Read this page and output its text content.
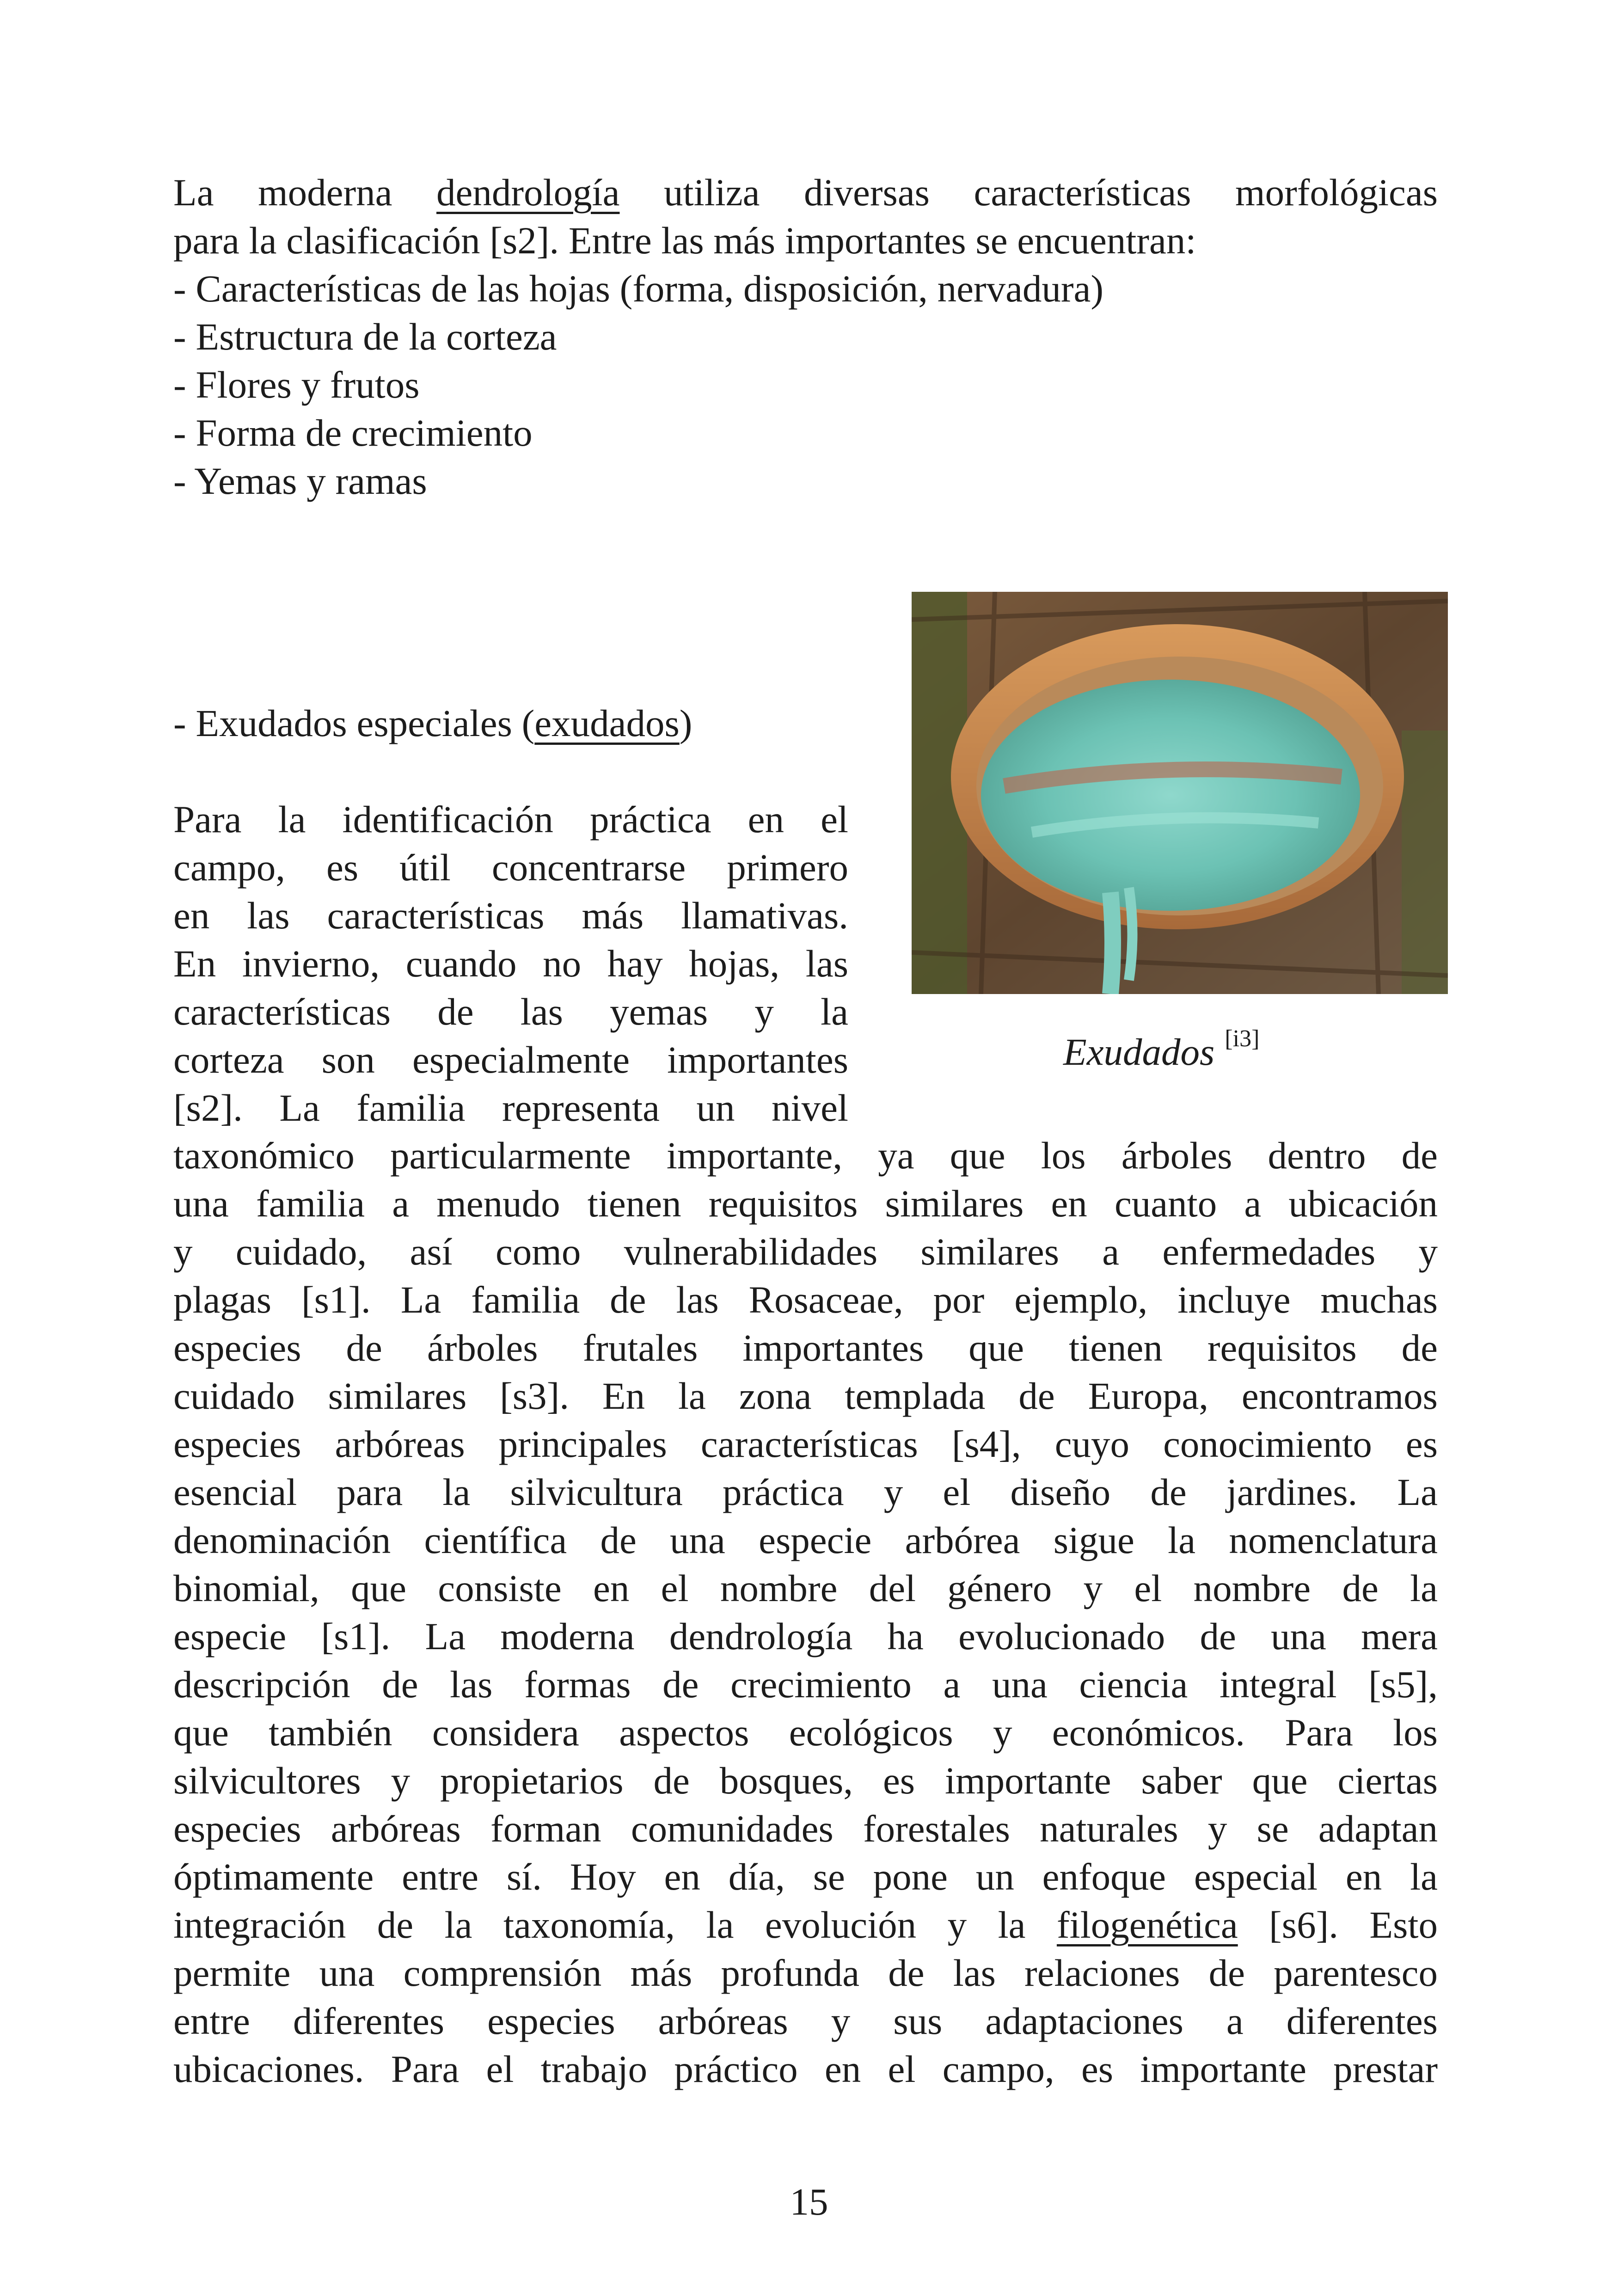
La moderna dendrología utiliza diversas características morfológicas
para la clasificación [s2]. Entre las más importantes se encuentran:
- Características de las hojas (forma, disposición, nervadura)
- Estructura de la corteza
- Flores y frutos
- Forma de crecimiento
- Yemas y ramas
- Exudados especiales (exudados)
Exudados [i3]
Para la identificación práctica en el
campo, es útil concentrarse primero
en las características más llamativas.
En invierno, cuando no hay hojas, las
características de las yemas y la
corteza son especialmente importantes
[s2]. La familia representa un nivel
taxonómico particularmente importante, ya que los árboles dentro de
una familia a menudo tienen requisitos similares en cuanto a ubicación
y cuidado, así como vulnerabilidades similares a enfermedades y
plagas [s1]. La familia de las Rosaceae, por ejemplo, incluye muchas
especies de árboles frutales importantes que tienen requisitos de
cuidado similares [s3]. En la zona templada de Europa, encontramos
especies arbóreas principales características [s4], cuyo conocimiento es
esencial para la silvicultura práctica y el diseño de jardines. La
denominación científica de una especie arbórea sigue la nomenclatura
binomial, que consiste en el nombre del género y el nombre de la
especie [s1]. La moderna dendrología ha evolucionado de una mera
descripción de las formas de crecimiento a una ciencia integral [s5],
que también considera aspectos ecológicos y económicos. Para los
silvicultores y propietarios de bosques, es importante saber que ciertas
especies arbóreas forman comunidades forestales naturales y se adaptan
óptimamente entre sí. Hoy en día, se pone un enfoque especial en la
integración de la taxonomía, la evolución y la filogenética [s6]. Esto
permite una comprensión más profunda de las relaciones de parentesco
entre diferentes especies arbóreas y sus adaptaciones a diferentes
ubicaciones. Para el trabajo práctico en el campo, es importante prestar
15
